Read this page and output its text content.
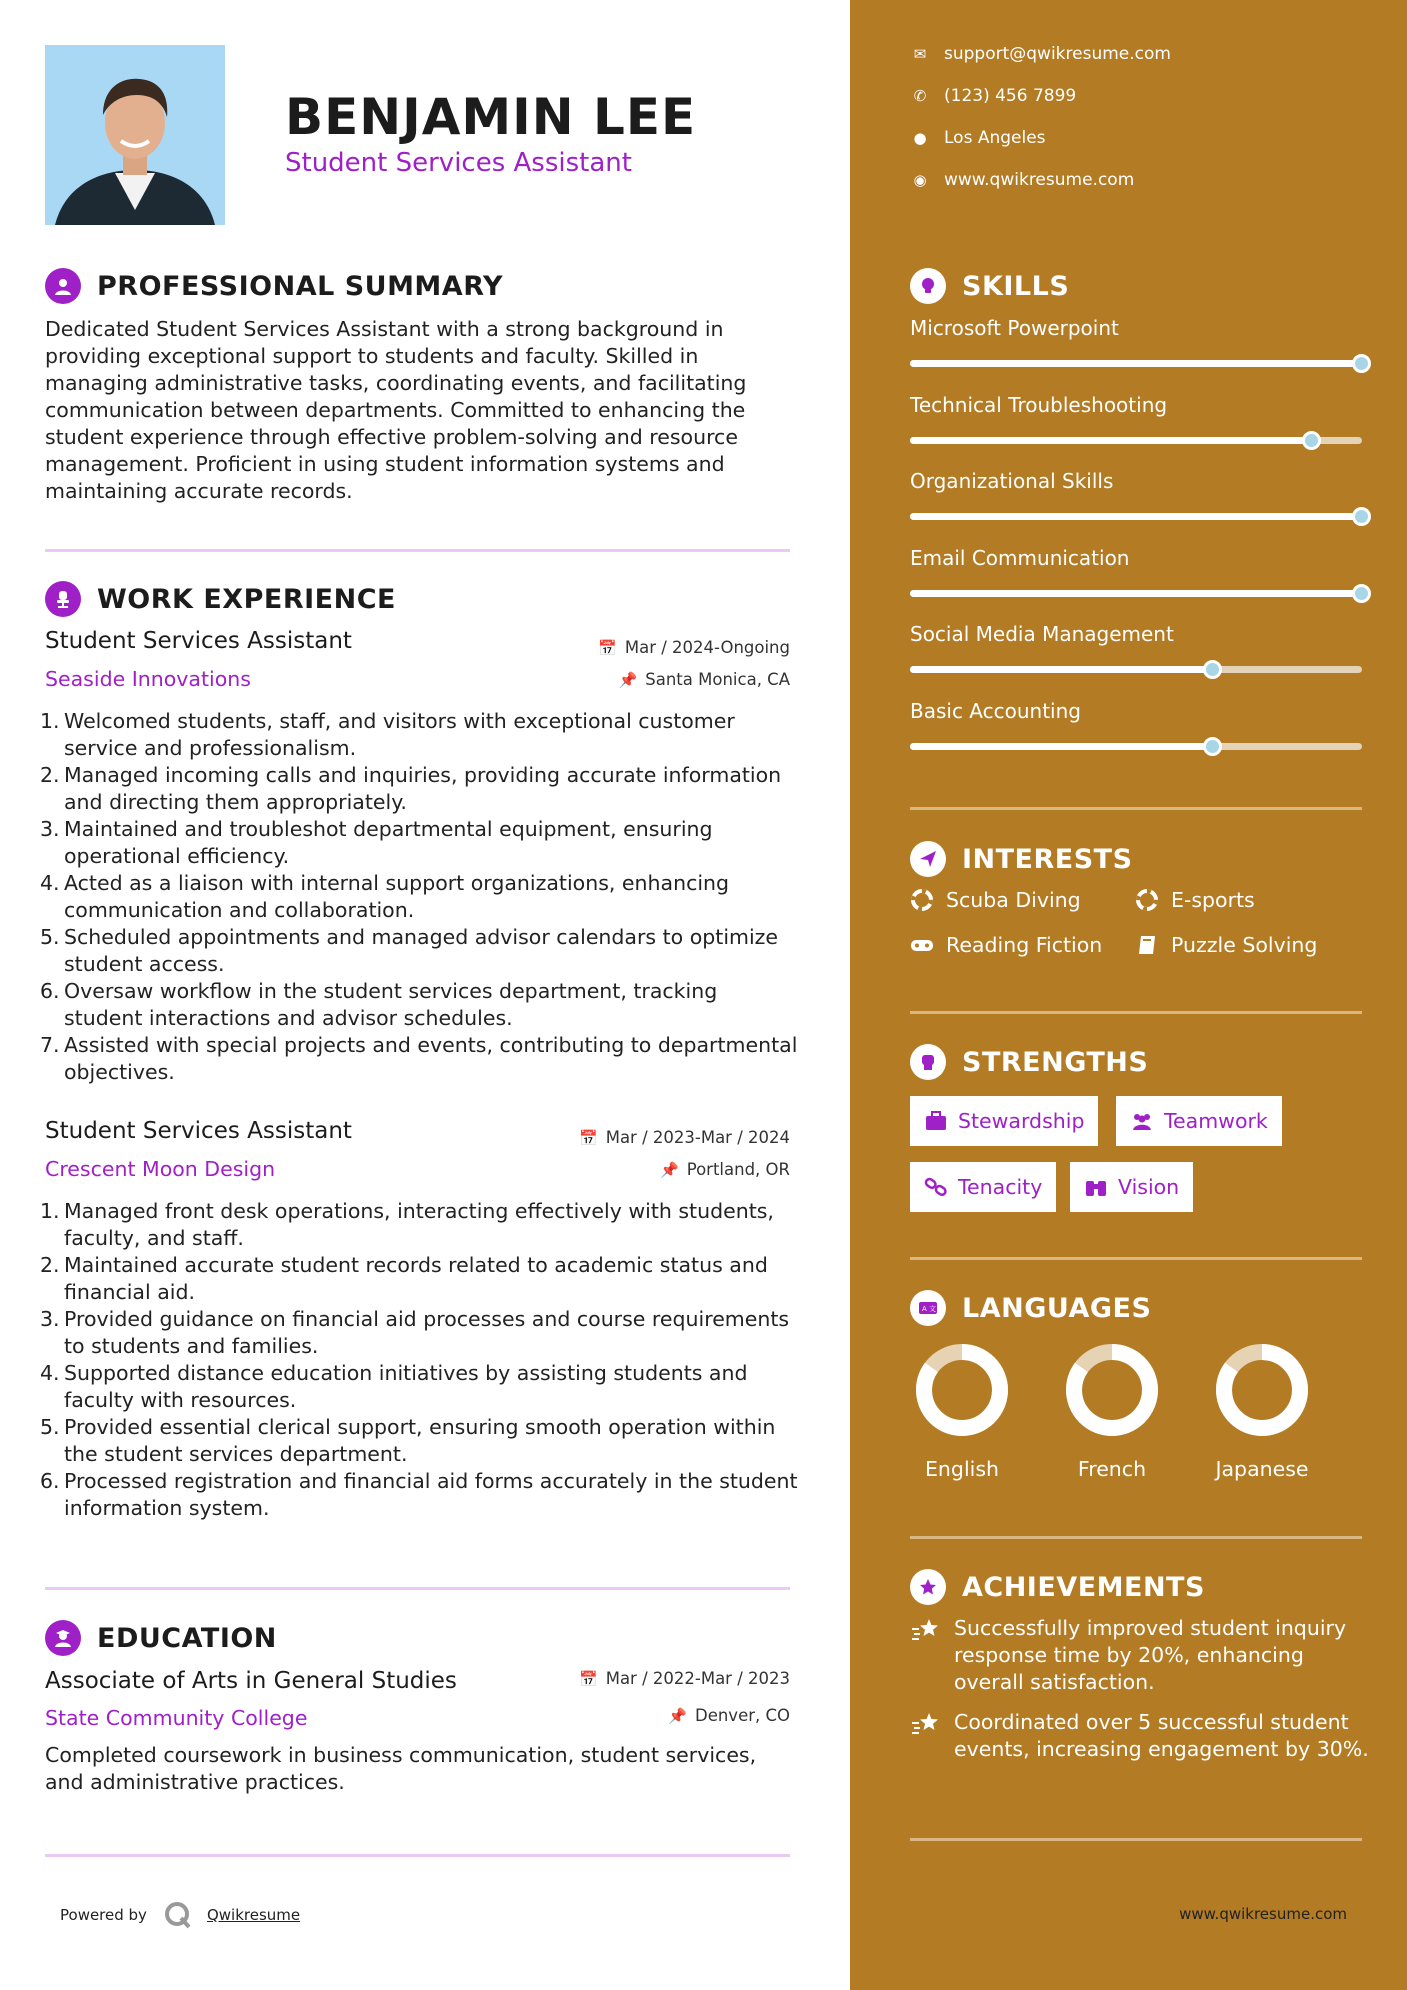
BENJAMIN LEE
Student Services Assistant
PROFESSIONAL SUMMARY
Dedicated Student Services Assistant with a strong background in providing exceptional support to students and faculty. Skilled in managing administrative tasks, coordinating events, and facilitating communication between departments. Committed to enhancing the student experience through effective problem-solving and resource management. Proficient in using student information systems and maintaining accurate records.
WORK EXPERIENCE
Student Services Assistant	📅 Mar / 2024-Ongoing
Seaside Innovations	📌 Santa Monica, CA
1. Welcomed students, staff, and visitors with exceptional customer service and professionalism.
2. Managed incoming calls and inquiries, providing accurate information and directing them appropriately.
3. Maintained and troubleshot departmental equipment, ensuring operational efficiency.
4. Acted as a liaison with internal support organizations, enhancing communication and collaboration.
5. Scheduled appointments and managed advisor calendars to optimize student access.
6. Oversaw workflow in the student services department, tracking student interactions and advisor schedules.
7. Assisted with special projects and events, contributing to departmental objectives.
Student Services Assistant	📅 Mar / 2023-Mar / 2024
Crescent Moon Design	📌 Portland, OR
1. Managed front desk operations, interacting effectively with students, faculty, and staff.
2. Maintained accurate student records related to academic status and financial aid.
3. Provided guidance on financial aid processes and course requirements to students and families.
4. Supported distance education initiatives by assisting students and faculty with resources.
5. Provided essential clerical support, ensuring smooth operation within the student services department.
6. Processed registration and financial aid forms accurately in the student information system.
EDUCATION
Associate of Arts in General Studies	📅 Mar / 2022-Mar / 2023
State Community College	📌 Denver, CO
Completed coursework in business communication, student services, and administrative practices.
Powered by	Qwikresume
✉ support@qwikresume.com
✆ (123) 456 7899
● Los Angeles
◉ www.qwikresume.com
SKILLS
Microsoft Powerpoint
Technical Troubleshooting
Organizational Skills
Email Communication
Social Media Management
Basic Accounting
INTERESTS
Scuba Diving	E-sports
Reading Fiction	Puzzle Solving
STRENGTHS
Stewardship	Teamwork
Tenacity	Vision
A 文 LANGUAGES
English	French	Japanese
ACHIEVEMENTS
Successfully improved student inquiry response time by 20%, enhancing overall satisfaction.
Coordinated over 5 successful student events, increasing engagement by 30%.
www.qwikresume.com
